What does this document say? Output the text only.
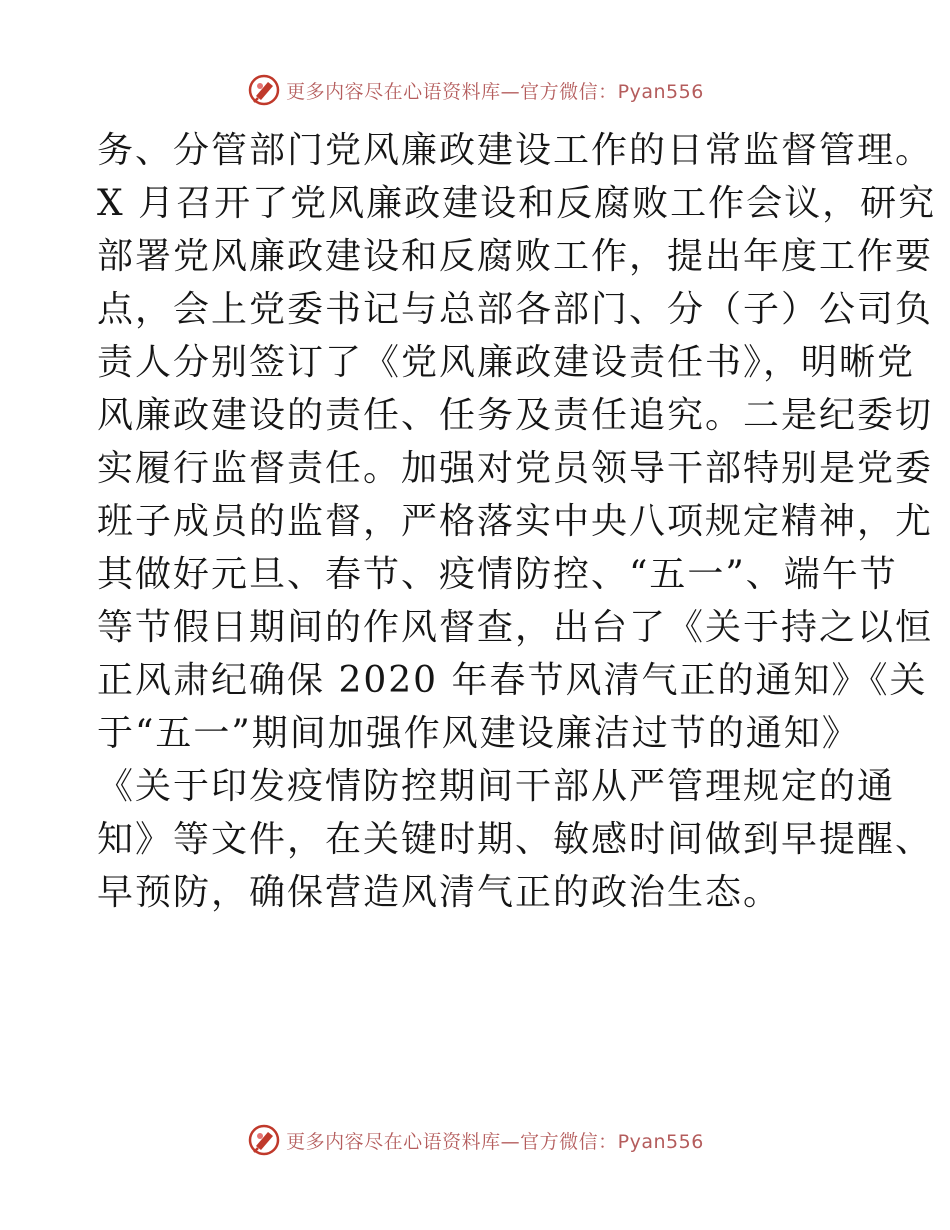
更多内容尽在心语资料库—官方微信：Pyan556
务、分管部门党风廉政建设工作的日常监督管理。
X 月召开了党风廉政建设和反腐败工作会议，研究
部署党风廉政建设和反腐败工作，提出年度工作要
点，会上党委书记与总部各部门、分（子）公司负
责人分别签订了《党风廉政建设责任书》，明晰党
风廉政建设的责任、任务及责任追究。二是纪委切
实履行监督责任。加强对党员领导干部特别是党委
班子成员的监督，严格落实中央八项规定精神，尤
其做好元旦、春节、疫情防控、“五一”、端午节
等节假日期间的作风督查，出台了《关于持之以恒
正风肃纪确保 2020 年春节风清气正的通知》《关
于“五一”期间加强作风建设廉洁过节的通知》
《关于印发疫情防控期间干部从严管理规定的通
知》等文件，在关键时期、敏感时间做到早提醒、
早预防，确保营造风清气正的政治生态。
更多内容尽在心语资料库—官方微信：Pyan556
